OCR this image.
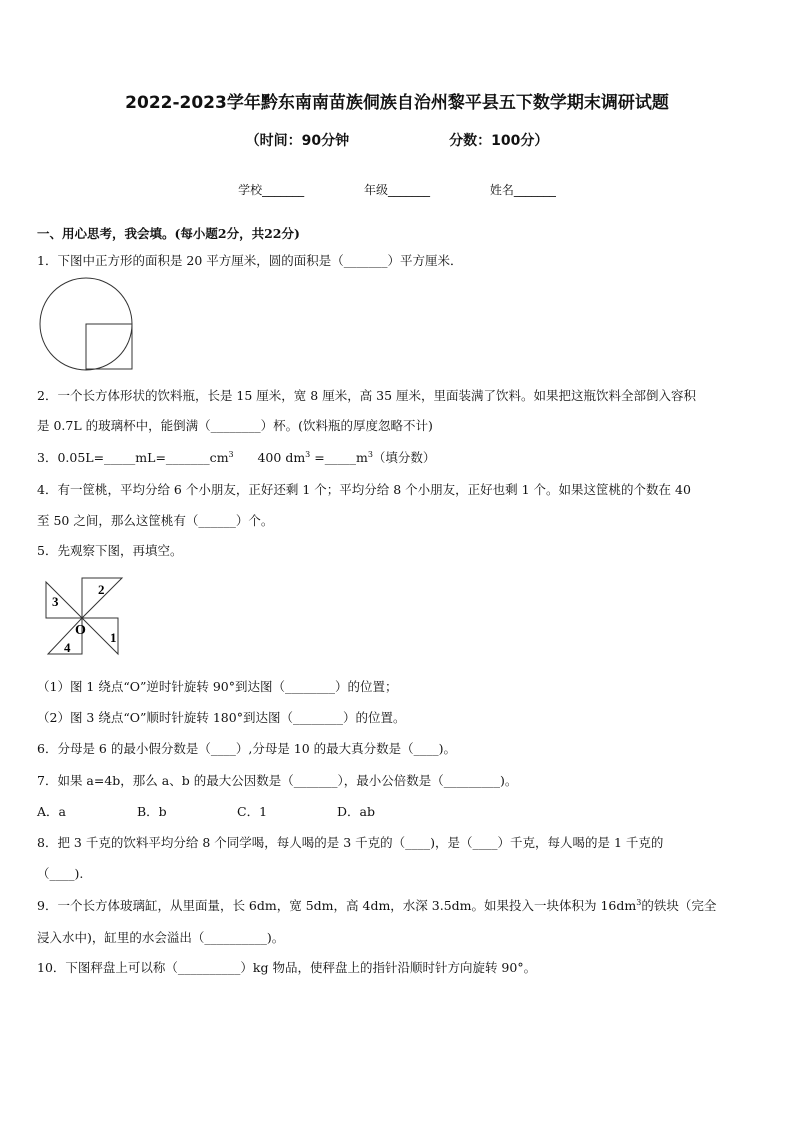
2022-2023学年黔东南南苗族侗族自治州黎平县五下数学期末调研试题
（时间：90分钟	分数：100分）
学校_______	年级_______	姓名_______
一、用心思考，我会填。(每小题2分，共22分)
1．下图中正方形的面积是 20 平方厘米，圆的面积是（_______）平方厘米．
2．一个长方体形状的饮料瓶，长是 15 厘米，宽 8 厘米，高 35 厘米，里面装满了饮料。如果把这瓶饮料全部倒入容积
是 0.7L 的玻璃杯中，能倒满（________）杯。(饮料瓶的厚度忽略不计)
3．$0.05L=\_\_\_\_\_mL=\_\_\_\_\_\_\_cm^3$      400 $dm^3$ $=\_\_\_\_\_m^3$（填分数）
4．有一筐桃，平均分给 6 个小朋友，正好还剩 1 个；平均分给 8 个小朋友，正好也剩 1 个。如果这筐桃的个数在 40
至 50 之间，那么这筐桃有（______）个。
5．先观察下图，再填空。
2
3
1
4
O
（1）图 1 绕点“O”逆时针旋转 90°到达图（________）的位置；
（2）图 3 绕点“O”顺时针旋转 180°到达图（________）的位置。
6．分母是 6 的最小假分数是（____）,分母是 10 的最大真分数是（____)。
7．如果 a=4b，那么 a、b 的最大公因数是（_______），最小公倍数是（_________)。
A．a	B．b	C．1	D．ab
8．把 3 千克的饮料平均分给 8 个同学喝，每人喝的是 3 千克的（____)，是（____）千克，每人喝的是 1 千克的
（____).
9．一个长方体玻璃缸，从里面量，长 6dm，宽 5dm，高 4dm，水深 3.5dm。如果投入一块体积为 $16dm^3$的铁块（完全
浸入水中)，缸里的水会溢出（__________)。
10．下图秤盘上可以称（__________）kg 物品，使秤盘上的指针沿顺时针方向旋转 90°。
